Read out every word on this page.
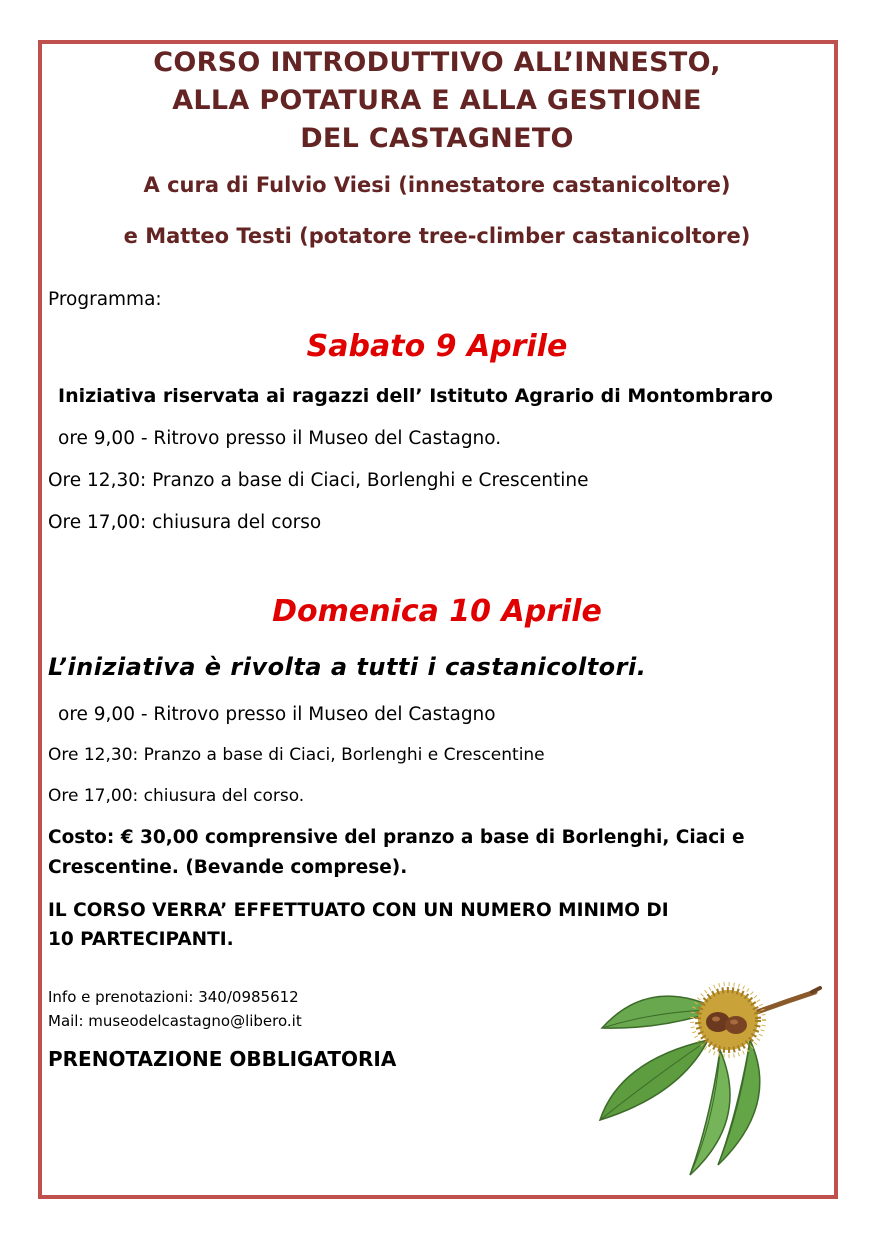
CORSO INTRODUTTIVO ALL’INNESTO,
ALLA POTATURA E ALLA GESTIONE
DEL CASTAGNETO
A cura di Fulvio Viesi (innestatore castanicoltore)
e Matteo Testi (potatore tree-climber castanicoltore)
Programma:
Sabato 9 Aprile
Iniziativa riservata ai ragazzi dell’ Istituto Agrario di Montombraro
ore 9,00 - Ritrovo presso il Museo del Castagno.
Ore 12,30: Pranzo a base di Ciaci, Borlenghi e Crescentine
Ore 17,00: chiusura del corso
Domenica 10 Aprile
L’iniziativa è rivolta a tutti i castanicoltori.
ore 9,00 - Ritrovo presso il Museo del Castagno
Ore 12,30: Pranzo a base di Ciaci, Borlenghi e Crescentine
Ore 17,00: chiusura del corso.
Costo: € 30,00 comprensive del pranzo a base di Borlenghi, Ciaci e
Crescentine. (Bevande comprese).
IL CORSO VERRA’ EFFETTUATO CON UN NUMERO MINIMO DI
10 PARTECIPANTI.
Info e prenotazioni: 340/0985612
Mail: museodelcastagno@libero.it
PRENOTAZIONE OBBLIGATORIA
